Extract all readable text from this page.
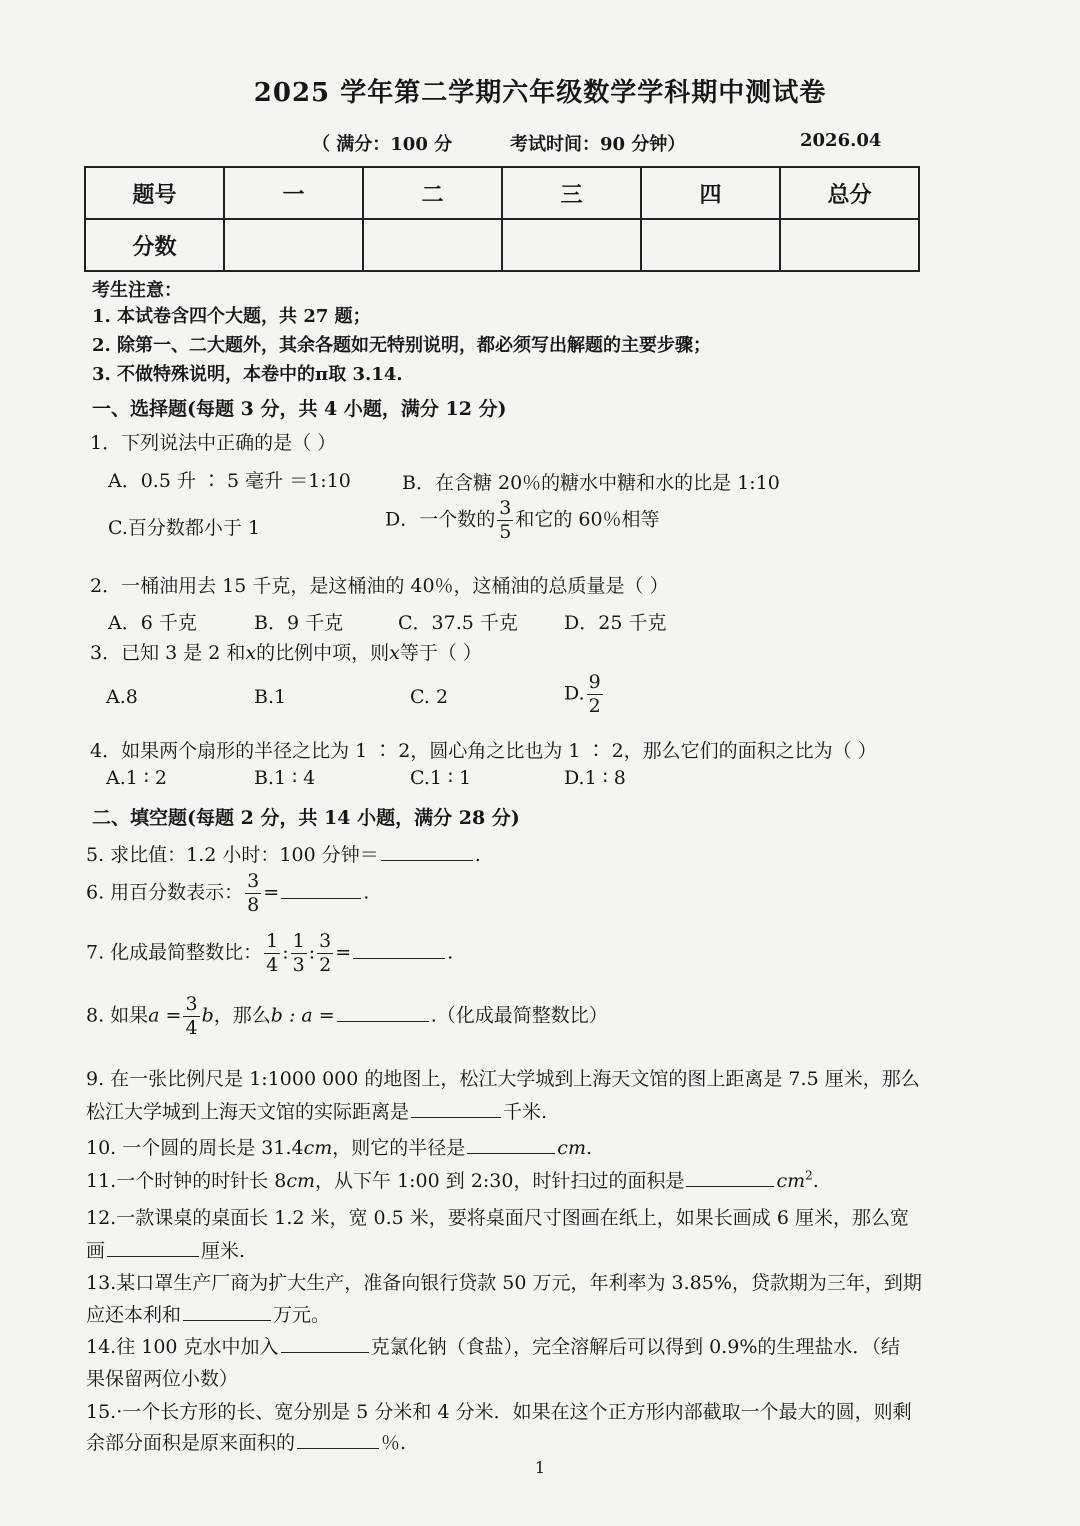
2025 学年第二学期六年级数学学科期中测试卷
（ 满分：100 分	考试时间：90 分钟）	2026.04
题号	一	二	三	四	总分
分数					
考生注意：
1. 本试卷含四个大题，共 27 题；
2. 除第一、二大题外，其余各题如无特别说明，都必须写出解题的主要步骤；
3. 不做特殊说明，本卷中的π取 3.14.
一、选择题(每题 3 分，共 4 小题，满分 12 分)
1．下列说法中正确的是（ ）
A．0.5 升 ∶ 5 毫升 ＝1:10	B．在含糖 20％的糖水中糖和水的比是 1:10
C.百分数都小于 1	D．一个数的 $\frac{3}{5}$ 和它的 60％相等
2．一桶油用去 15 千克，是这桶油的 40％，这桶油的总质量是（ ）
A．6 千克	B．9 千克	C．37.5 千克 D．25 千克
3．已知 3 是 2 和x的比例中项，则x等于（ ）
A.8	B.1	C. 2	D. $\frac{9}{2}$
4．如果两个扇形的半径之比为 1 ∶ 2，圆心角之比也为 1 ∶ 2，那么它们的面积之比为（ ）
A.1 ∶ 2	B.1 ∶ 4	C.1 ∶ 1	D.1 ∶ 8
二、填空题(每题 2 分，共 14 小题，满分 28 分)
5. 求比值：1.2 小时：100 分钟＝	.
6. 用百分数表示： $\frac{3}{8}$ =	.
7. 化成最简整数比： $\frac{1}{4}$ : $\frac{1}{3}$ : $\frac{3}{2}$ =	.
8. 如果$a = \frac{3}{4}$ b，那么b : a =	.（化成最简整数比）
9. 在一张比例尺是 1:1000 000 的地图上，松江大学城到上海天文馆的图上距离是 7.5 厘米，那么
松江大学城到上海天文馆的实际距离是	千米.
10. 一个圆的周长是 31.4cm，则它的半径是	cm.
11.一个时钟的时针长 8cm，从下午 1:00 到 2:30，时针扫过的面积是	$cm^2$.
12.一款课桌的桌面长 1.2 米，宽 0.5 米，要将桌面尺寸图画在纸上，如果长画成 6 厘米，那么宽
画	厘米.
13.某口罩生产厂商为扩大生产，准备向银行贷款 50 万元，年利率为 3.85%，贷款期为三年，到期
应还本利和	万元。
14.往 100 克水中加入	克氯化钠（食盐），完全溶解后可以得到 0.9%的生理盐水．（结
果保留两位小数）
15.·一个长方形的长、宽分别是 5 分米和 4 分米．如果在这个正方形内部截取一个最大的圆，则剩
余部分面积是原来面积的	％.
1
